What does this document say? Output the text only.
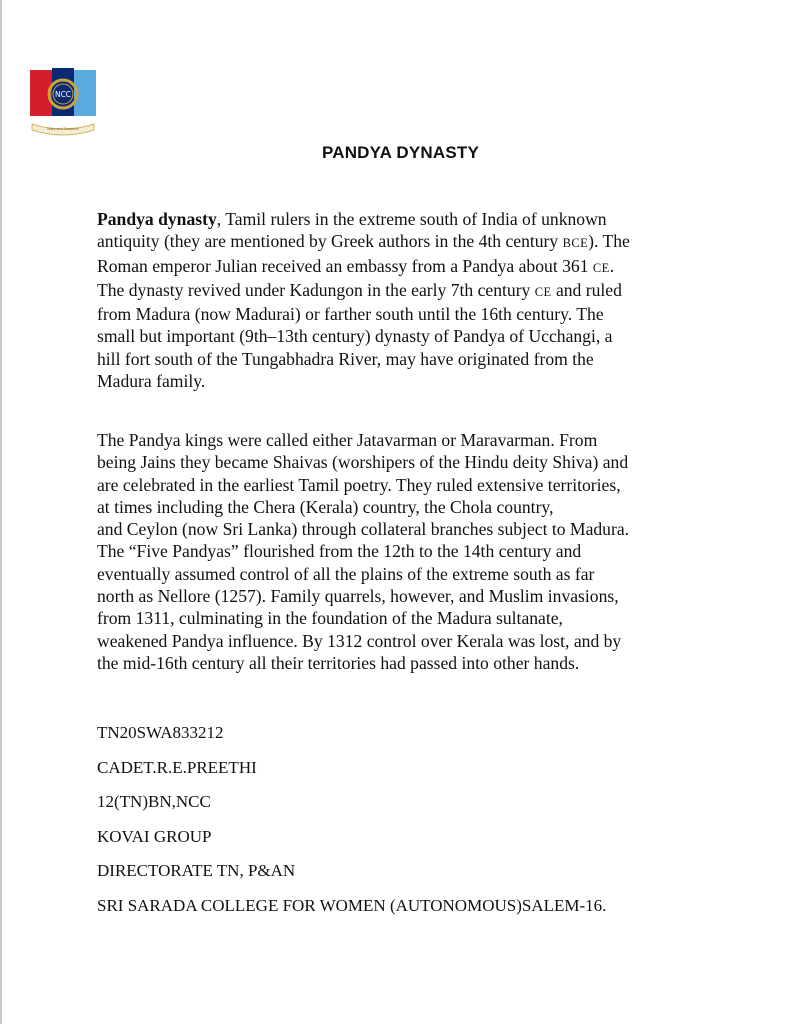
NCC
Unity and Discipline
PANDYA DYNASTY

Pandya dynasty, Tamil rulers in the extreme south of India of unknown
antiquity (they are mentioned by Greek authors in the 4th century BCE). The
Roman emperor Julian received an embassy from a Pandya about 361 CE.
The dynasty revived under Kadungon in the early 7th century CE and ruled
from Madura (now Madurai) or farther south until the 16th century. The
small but important (9th–13th century) dynasty of Pandya of Ucchangi, a
hill fort south of the Tungabhadra River, may have originated from the
Madura family.

The Pandya kings were called either Jatavarman or Maravarman. From
being Jains they became Shaivas (worshipers of the Hindu deity Shiva) and
are celebrated in the earliest Tamil poetry. They ruled extensive territories,
at times including the Chera (Kerala) country, the Chola country,
and Ceylon (now Sri Lanka) through collateral branches subject to Madura.
The “Five Pandyas” flourished from the 12th to the 14th century and
eventually assumed control of all the plains of the extreme south as far
north as Nellore (1257). Family quarrels, however, and Muslim invasions,
from 1311, culminating in the foundation of the Madura sultanate,
weakened Pandya influence. By 1312 control over Kerala was lost, and by
the mid-16th century all their territories had passed into other hands.

TN20SWA833212
CADET.R.E.PREETHI
12(TN)BN,NCC
KOVAI GROUP
DIRECTORATE TN, P&AN
SRI SARADA COLLEGE FOR WOMEN (AUTONOMOUS)SALEM-16.
